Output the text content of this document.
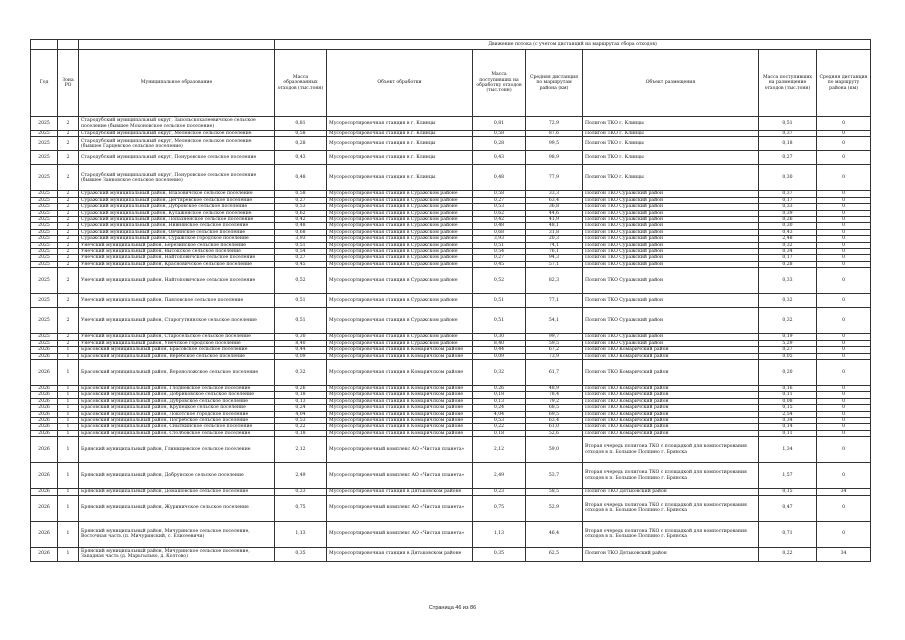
			Движение потока (с учетом дистанций на маршрутах сбора отходов)						
Год	Зона РО	Муниципальное образование	Масса образованных отходов (тыс.тонн)	Объект обработки	Масса поступивших на обработку отходов (тыс.тонн)	Средняя дистанция по маршрутам района (км)	Объект размещения	Масса поступивших на размещение отходов (тыс.тонн)	Средняя дистанция по маршруту района (км)
2025	2	Стародубский муниципальный округ, Запольскохалеевичское сельское поселение (бывшее Мохоновское сельское поселение)	0,81	Мусоросортировочная станция в г. Клинцы	0,81	72,9	Полигон ТКО г. Клинцы	0,51	0
2025	2	Стародубский муниципальный округ, Меленское сельское поселение	0,58	Мусоросортировочная станция в г. Клинцы	0,58	87,6	Полигон ТКО г. Клинцы	0,37	0
2025	2	Стародубский муниципальный округ, Меленское сельское поселение (бывшее Гарцевское сельское поселение)	0,28	Мусоросортировочная станция в г. Клинцы	0,28	99,5	Полигон ТКО г. Клинцы	0,18	0
2025	2	Стародубский муниципальный округ, Понуровское сельское поселение	0,43	Мусоросортировочная станция в г. Клинцы	0,43	98,9	Полигон ТКО г. Клинцы	0,27	0
2025	2	Стародубский муниципальный округ, Понуровское сельское поселение (бывшее Занковское сельское поселение)	0,48	Мусоросортировочная станция в г. Клинцы	0,48	77,9	Полигон ТКО г. Клинцы	0,30	0
2025	2	Суражский муниципальный район, Влазовичское сельское поселение	0,58	Мусоросортировочная станция в Суражском районе	0,58	33,3	Полигон ТКО Суражский район	0,37	0
2025	2	Суражский муниципальный район, Дегтяревское сельское поселение	0,27	Мусоросортировочная станция в Суражском районе	0,27	63,4	Полигон ТКО Суражский район	0,17	0
2025	2	Суражский муниципальный район, Дубровское сельское поселение	0,53	Мусоросортировочная станция в Суражском районе	0,53	36,8	Полигон ТКО Суражский район	0,33	0
2025	2	Суражский муниципальный район, Кулаженское сельское поселение	0,62	Мусоросортировочная станция в Суражском районе	0,62	44,6	Полигон ТКО Суражский район	0,39	0
2025	2	Суражский муниципальный район, Лопазненское сельское поселение	0,42	Мусоросортировочная станция в Суражском районе	0,42	41,9	Полигон ТКО Суражский район	0,26	0
2025	2	Суражский муниципальный район, Нивнянское сельское поселение	0,48	Мусоросортировочная станция в Суражском районе	0,48	48,1	Полигон ТКО Суражский район	0,30	0
2025	2	Суражский муниципальный район, Овчинское сельское поселение	0,68	Мусоросортировочная станция в Суражском районе	0,68	31,8	Полигон ТКО Суражский район	0,43	0
2025	2	Суражский муниципальный район, Суражское городское поселение	3,93	Мусоросортировочная станция в Суражском районе	3,93	20,3	Полигон ТКО Суражский район	2,48	0
2025	2	Унечский муниципальный район, Березинское сельское поселение	0,51	Мусоросортировочная станция в Суражском районе	0,51	74,1	Полигон ТКО Суражский район	0,32	0
2025	2	Унечский муниципальный район, Высокское сельское поселение	0,54	Мусоросортировочная станция в Суражском районе	0,54	76,1	Полигон ТКО Суражский район	0,34	0
2025	2	Унечский муниципальный район, Найтоповичское сельское поселение	0,27	Мусоросортировочная станция в Суражском районе	0,27	94,3	Полигон ТКО Суражский район	0,17	0
2025	2	Унечский муниципальный район, Красновичское сельское поселение	0,45	Мусоросортировочная станция в Суражском районе	0,45	57,1	Полигон ТКО Суражский район	0,28	0
2025	2	Унечский муниципальный район, Найтоповичское сельское поселение	0,52	Мусоросортировочная станция в Суражском районе	0,52	82,3	Полигон ТКО Суражский район	0,33	0
2025	2	Унечский муниципальный район, Павловское сельское поселение	0,51	Мусоросортировочная станция в Суражском районе	0,51	77,1	Полигон ТКО Суражский район	0,32	0
2025	2	Унечский муниципальный район, Старогутнянское сельское поселение	0,51	Мусоросортировочная станция в Суражском районе	0,51	54,1	Полигон ТКО Суражский район	0,32	0
2025	2	Унечский муниципальный район, Старосельское сельское поселение	0,30	Мусоросортировочная станция в Суражском районе	0,30	99,7	Полигон ТКО Суражский район	0,19	0
2025	2	Унечский муниципальный район, Унечское городское поселение	8,40	Мусоросортировочная станция в Суражском районе	8,40	59,5	Полигон ТКО Суражский район	5,29	0
2026	1	Брасовский муниципальный район, Брасовское сельское поселение	0,44	Мусоросортировочная станция в Комаричском районе	0,44	67,2	Полигон ТКО Комаричский район	0,27	0
2026	1	Брасовский муниципальный район, Веребское сельское поселение	0,09	Мусоросортировочная станция в Комаричском районе	0,09	73,9	Полигон ТКО Комаричский район	0,05	0
2026	1	Брасовский муниципальный район, Вороноложское сельское поселение	0,32	Мусоросортировочная станция в Комаричском районе	0,32	61,7	Полигон ТКО Комаричский район	0,20	0
2026	1	Брасовский муниципальный район, Глодневское сельское поселение	0,26	Мусоросортировочная станция в Комаричском районе	0,26	48,9	Полигон ТКО Комаричский район	0,16	0
2026	1	Брасовский муниципальный район, Добриковское сельское поселение	0,18	Мусоросортировочная станция в Комаричском районе	0,18	78,4	Полигон ТКО Комаричский район	0,11	0
2026	1	Брасовский муниципальный район, Дубровское сельское поселение	0,13	Мусоросортировочная станция в Комаричском районе	0,13	79,2	Полигон ТКО Комаричский район	0,08	0
2026	1	Брасовский муниципальный район, Крупецкое сельское поселение	0,24	Мусоросортировочная станция в Комаричском районе	0,24	68,5	Полигон ТКО Комаричский район	0,15	0
2026	1	Брасовский муниципальный район, Локотское городское поселение	4,04	Мусоросортировочная станция в Комаричском районе	4,04	69,5	Полигон ТКО Комаричский район	2,54	0
2026	1	Брасовский муниципальный район, Погребское сельское поселение	0,53	Мусоросортировочная станция в Комаричском районе	0,53	63,4	Полигон ТКО Комаричский район	0,34	0
2026	1	Брасовский муниципальный район, Сныткинское сельское поселение	0,22	Мусоросортировочная станция в Комаричском районе	0,22	61,0	Полигон ТКО Комаричский район	0,14	0
2026	1	Брасовский муниципальный район, Столбовское сельское поселение	0,18	Мусоросортировочная станция в Комаричском районе	0,18	52,6	Полигон ТКО Комаричский район	0,11	0
2026	1	Брянский муниципальный район, Глинищевское сельское поселение	2,12	Мусоросортировочный комплекс АО «Чистая планета»	2,12	59,0	Вторая очередь полигона ТКО с площадкой для компостирования отходов в п. Большое Полпино г. Брянска	1,34	0
2026	1	Брянский муниципальный район, Добрунское сельское поселение	2,49	Мусоросортировочный комплекс АО «Чистая планета»	2,49	53,7	Вторая очередь полигона ТКО с площадкой для компостирования отходов в п. Большое Полпино г. Брянска	1,57	0
2026	1	Брянский муниципальный район, Домашовское сельское поселение	0,23	Мусоросортировочная станция в Дятьковском районе	0,23	58,5	Полигон ТКО Дятьковский район	0,15	34
2026	1	Брянский муниципальный район, Журиничское сельское поселение	0,75	Мусоросортировочный комплекс АО «Чистая планета»	0,75	52,9	Вторая очередь полигона ТКО с площадкой для компостирования отходов в п. Большое Полпино г. Брянска	0,47	0
2026	1	Брянский муниципальный район, Мичуринское сельское поселение, Восточная часть (п. Мичуринский, с. Елисеевичи)	1,13	Мусоросортировочный комплекс АО «Чистая планета»	1,13	46,4	Вторая очередь полигона ТКО с площадкой для компостирования отходов в п. Большое Полпино г. Брянска	0,71	0
2026	1	Брянский муниципальный район, Мичуринское сельское поселение, Западная часть (д. Марьгыльво, д. Колтово)	0,35	Мусоросортировочная станция в Дятьковском районе	0,35	62,5	Полигон ТКО Дятьковский район	0,22	34
Страница 46 из 86
